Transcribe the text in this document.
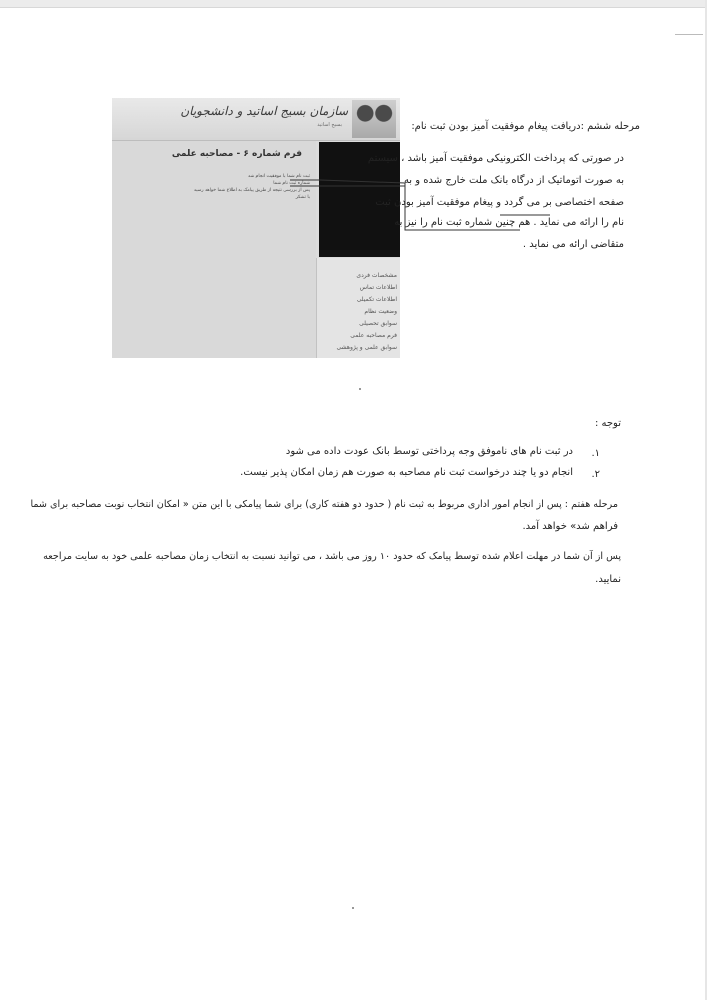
سازمان بسیج اساتید و دانشجویان
بسیج اساتید
فرم شماره ۶ - مصاحبه علمی
ثبت نام شما با موفقیت انجام شد
شماره ثبت نام شما
پس از بررسی نتیجه از طریق پیامک به اطلاع شما خواهد رسید
با تشکر
مشخصات فردی
اطلاعات تماس
اطلاعات تکمیلی
وضعیت نظام
سوابق تحصیلی
فرم مصاحبه علمی
سوابق علمی و پژوهشی
مرحله ششم :دریافت پیغام موفقیت آمیز بودن ثبت نام:
در صورتی که پرداخت الکترونیکی موفقیت آمیز باشد ، سیستم
به صورت اتوماتیک از درگاه بانک ملت خارج شده و به
صفحه اختصاصی بر می گردد و پیغام موفقیت آمیز بودن ثبت
نام را ارائه می نماید . هم چنین شماره ثبت نام را نیز به
متقاضی ارائه می نماید .
توجه :
۱.
در ثبت نام های ناموفق وجه پرداختی توسط بانک عودت داده می شود
۲.
انجام دو یا چند درخواست ثبت نام مصاحبه به صورت هم زمان امکان پذیر نیست.
مرحله هفتم : پس از انجام امور اداری مربوط به ثبت نام ( حدود دو هفته کاری) برای شما پیامکی با این متن « امکان انتخاب نوبت مصاحبه برای شما
فراهم شد» خواهد آمد.
پس از آن شما در مهلت اعلام شده توسط پیامک که حدود ۱۰ روز می باشد ، می توانید نسبت به انتخاب زمان مصاحبه علمی خود به سایت مراجعه
نمایید.
